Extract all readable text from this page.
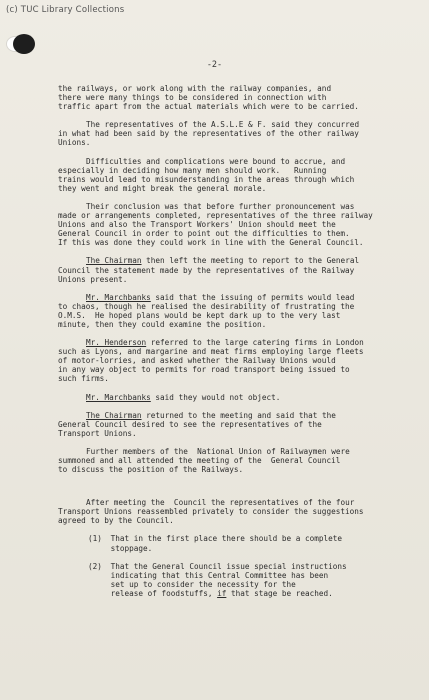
(c) TUC Library Collections
-2-
the railways, or work along with the railway companies, and
there were many things to be considered in connection with
traffic apart from the actual materials which were to be carried.
The representatives of the A.S.L.E & F. said they concurred
in what had been said by the representatives of the other railway
Unions.
Difficulties and complications were bound to accrue, and
especially in deciding how many men should work.   Running
trains would lead to misunderstanding in the areas through which
they went and might break the general morale.
Their conclusion was that before further pronouncement was
made or arrangements completed, representatives of the three railway
Unions and also the Transport Workers' Union should meet the
General Council in order to point out the difficulties to them.
If this was done they could work in line with the General Council.
The Chairman then left the meeting to report to the General
Council the statement made by the representatives of the Railway
Unions present.
Mr. Marchbanks said that the issuing of permits would lead
to chaos, though he realised the desirability of frustrating the
O.M.S.  He hoped plans would be kept dark up to the very last
minute, then they could examine the position.
Mr. Henderson referred to the large catering firms in London
such as Lyons, and margarine and meat firms employing large fleets
of motor-lorries, and asked whether the Railway Unions would
in any way object to permits for road transport being issued to
such firms.
Mr. Marchbanks said they would not object.
The Chairman returned to the meeting and said that the
General Council desired to see the representatives of the
Transport Unions.
Further members of the  National Union of Railwaymen were
summoned and all attended the meeting of the  General Council
to discuss the position of the Railways.
After meeting the  Council the representatives of the four
Transport Unions reassembled privately to consider the suggestions
agreed to by the Council.
(1) That in the first place there should be a complete
stoppage.
(2) That the General Council issue special instructions
indicating that this Central Committee has been
set up to consider the necessity for the
release of foodstuffs, if that stage be reached.
